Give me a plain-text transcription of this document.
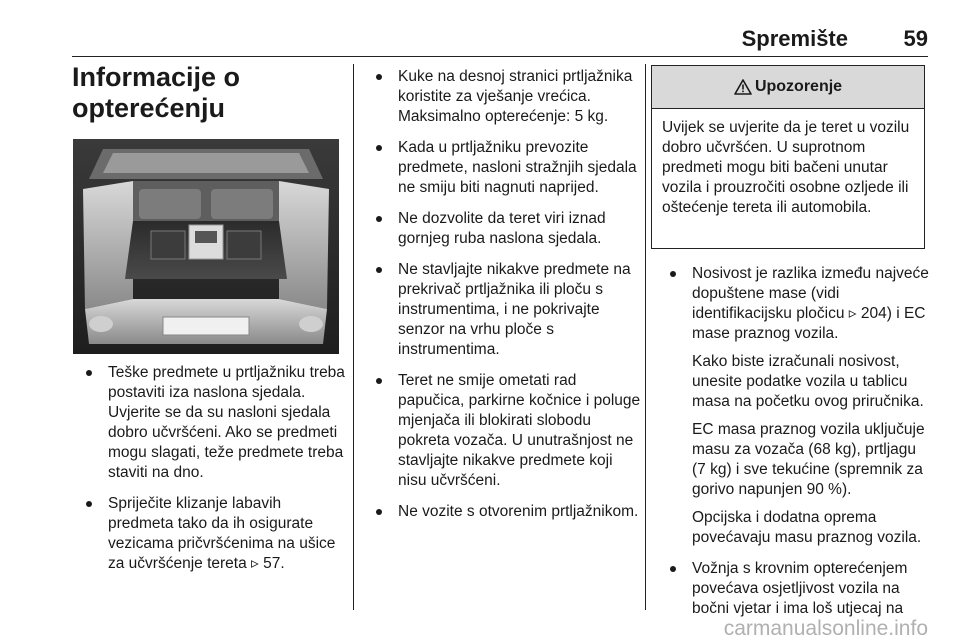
Spremište	59
Informacije o opterećenju

Teške predmete u prtljažniku treba postaviti iza naslona sjedala. Uvjerite se da su nasloni sjedala dobro učvršćeni. Ako se predmeti mogu slagati, teže predmete treba staviti na dno.

Spriječite klizanje labavih predmeta tako da ih osigurate vezicama pričvršćenima na ušice za učvršćenje tereta ▹ 57.

Kuke na desnoj stranici prtljažnika koristite za vješanje vrećica. Maksimalno opterećenje: 5 kg.

Kada u prtljažniku prevozite predmete, nasloni stražnjih sjedala ne smiju biti nagnuti naprijed.

Ne dozvolite da teret viri iznad gornjeg ruba naslona sjedala.

Ne stavljajte nikakve predmete na prekrivač prtljažnika ili ploču s instrumentima, i ne pokrivajte senzor na vrhu ploče s instrumentima.

Teret ne smije ometati rad papučica, parkirne kočnice i poluge mjenjača ili blokirati slobodu pokreta vozača. U unutrašnjost ne stavljajte nikakve predmete koji nisu učvršćeni.

Ne vozite s otvorenim prtljažnikom.

Upozorenje

Uvijek se uvjerite da je teret u vozilu dobro učvršćen. U suprotnom predmeti mogu biti bačeni unutar vozila i prouzročiti osobne ozljede ili oštećenje tereta ili automobila.

Nosivost je razlika između najveće dopuštene mase (vidi identifikacijsku pločicu ▹ 204) i EC mase praznog vozila.

Kako biste izračunali nosivost, unesite podatke vozila u tablicu masa na početku ovog priručnika.

EC masa praznog vozila uključuje masu za vozača (68 kg), prtljagu (7 kg) i sve tekućine (spremnik za gorivo napunjen 90 %).

Opcijska i dodatna oprema povećavaju masu praznog vozila.

Vožnja s krovnim opterećenjem povećava osjetljivost vozila na bočni vjetar i ima loš utjecaj na

carmanualsonline.info
